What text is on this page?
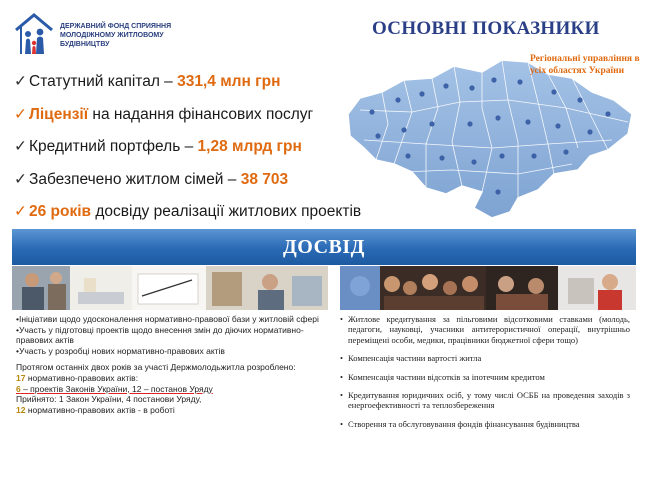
ДЕРЖАВНИЙ ФОНД СПРИЯННЯ МОЛОДІЖНОМУ ЖИТЛОВОМУ БУДІВНИЦТВУ
ОСНОВНІ ПОКАЗНИКИ
✓ Статутний капітал – 331,4 млн грн
✓ Ліцензії на надання фінансових послуг
✓ Кредитний портфель – 1,28 млрд грн
✓ Забезпечено житлом сімей – 38 703
✓ 26 років досвіду реалізації житлових проектів
Регіональні управління в усіх областях України
ДОСВІД
•Ініціативи щодо удосконалення нормативно-правової бази у житловій сфері
•Участь у підготовці проектів щодо внесення змін до діючих нормативно-правових актів
•Участь у розробці нових нормативно-правових актів
Протягом останніх двох років за участі Держмолодьжитла розроблено:
17 нормативно-правових актів:
6 – проектів Законів України, 12 – постанов Уряду
Прийнято: 1 Закон України, 4 постанови Уряду,
12 нормативно-правових актів - в роботі
• Житлове кредитування за пільговими відсотковими ставками (молодь, педагоги, науковці, учасники антитерористичної операції, внутрішньо переміщені особи, медики, працівники бюджетної сфери тощо)
• Компенсація частини вартості житла
• Компенсація частини відсотків за іпотечним кредитом
• Кредитування юридичних осіб, у тому числі ОСББ на проведення заходів з енергоефективності та теплозбереження
• Створення та обслуговування фондів фінансування будівництва
